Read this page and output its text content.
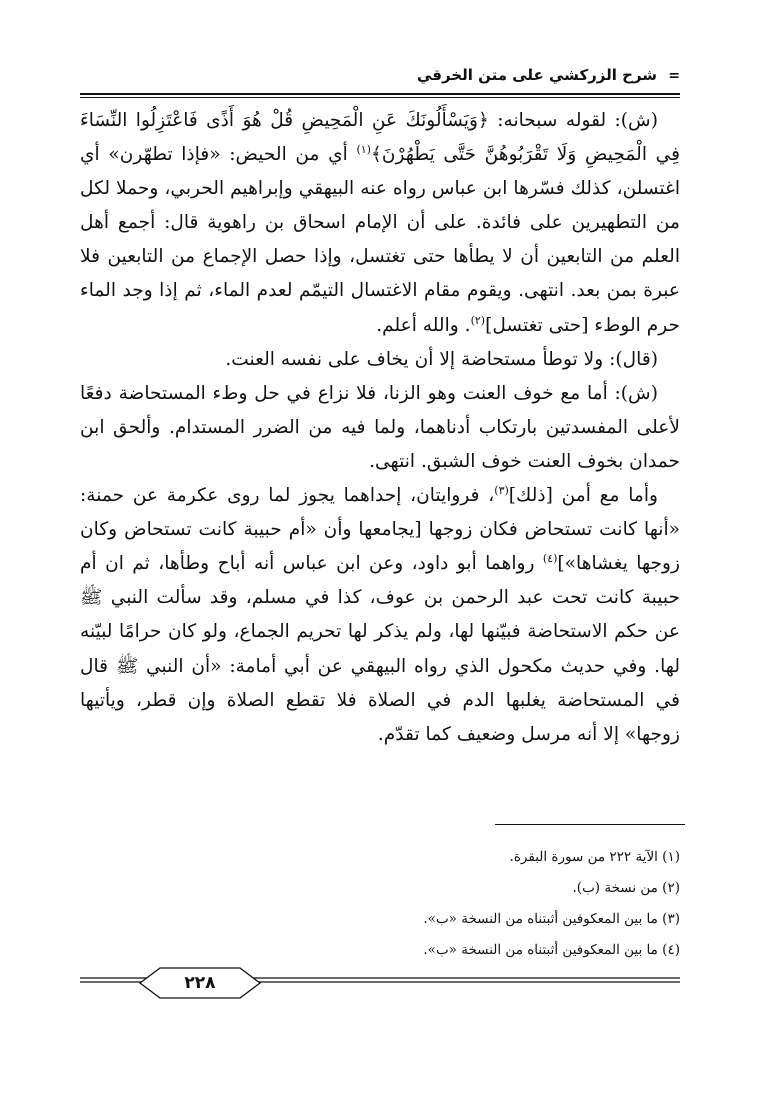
= شرح الزركشي على متن الخرقي

(ش): لقوله سبحانه: ﴿وَيَسْأَلُونَكَ عَنِ الْمَحِيضِ قُلْ هُوَ أَذًى فَاعْتَزِلُوا النِّسَاءَ فِي الْمَحِيضِ وَلَا تَقْرَبُوهُنَّ حَتَّى يَطْهُرْنَ﴾$^{(١)}$ أي من الحيض: «فإذا تطهّرن» أي اغتسلن، كذلك فسّرها ابن عباس رواه عنه البيهقي وإبراهيم الحربي، وحملا لكل من التطهيرين على فائدة. على أن الإمام اسحاق بن راهوية قال: أجمع أهل العلم من التابعين أن لا يطأها حتى تغتسل، وإذا حصل الإجماع من التابعين فلا عبرة بمن بعد. انتهى. ويقوم مقام الاغتسال التيمّم لعدم الماء، ثم إذا وجد الماء حرم الوطء [حتى تغتسل]$^{(٢)}$. والله أعلم.

(قال): ولا توطأ مستحاضة إلا أن يخاف على نفسه العنت.

(ش): أما مع خوف العنت وهو الزنا، فلا نزاع في حل وطء المستحاضة دفعًا لأعلى المفسدتين بارتكاب أدناهما، ولما فيه من الضرر المستدام. وألحق ابن حمدان بخوف العنت خوف الشبق. انتهى.

وأما مع أمن [ذلك]$^{(٣)}$، فروايتان، إحداهما يجوز لما روى عكرمة عن حمنة: «أنها كانت تستحاض فكان زوجها [يجامعها وأن «أم حبيبة كانت تستحاض وكان زوجها يغشاها»]$^{(٤)}$ رواهما أبو داود، وعن ابن عباس أنه أباح وطأها، ثم ان أم حبيبة كانت تحت عبد الرحمن بن عوف، كذا في مسلم، وقد سألت النبي ﷺ عن حكم الاستحاضة فبيّنها لها، ولم يذكر لها تحريم الجماع، ولو كان حرامًا لبيّنه لها. وفي حديث مكحول الذي رواه البيهقي عن أبي أمامة: «أن النبي ﷺ قال في المستحاضة يغلبها الدم في الصلاة فلا تقطع الصلاة وإن قطر، ويأتيها زوجها» إلا أنه مرسل وضعيف كما تقدّم.

(١) الآية ٢٢٢ من سورة البقرة.
(٢) من نسخة (ب).
(٣) ما بين المعكوفين أثبتناه من النسخة «ب».
(٤) ما بين المعكوفين أثبتناه من النسخة «ب».
٢٢٨
